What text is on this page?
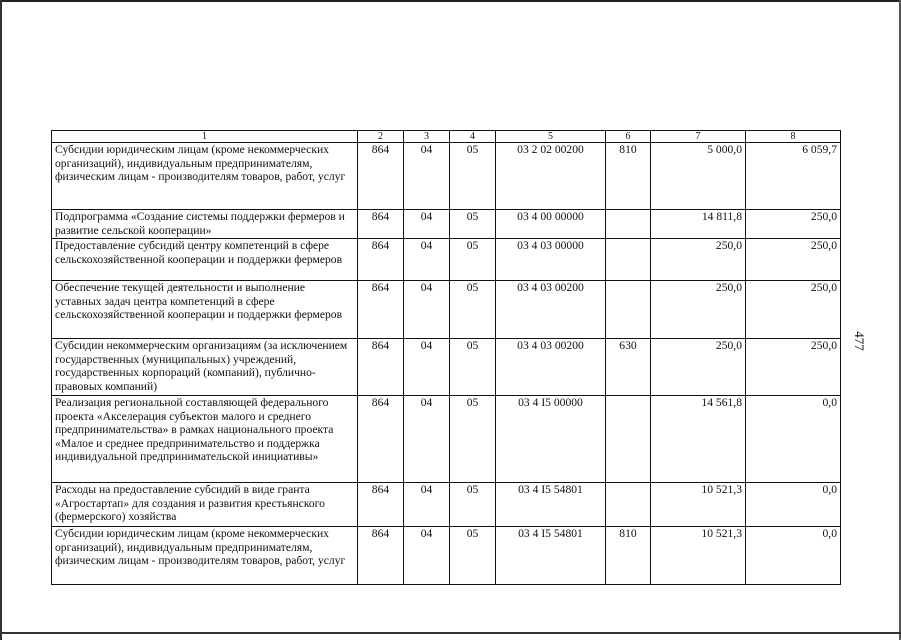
1	2	3	4	5	6	7	8
Субсидии юридическим лицам (кроме некоммерческих организаций), индивидуальным предпринимателям, физическим лицам - производителям товаров, работ, услуг	864	04	05	03 2 02 00200	810	5 000,0	6 059,7
Подпрограмма «Создание системы поддержки фермеров и развитие сельской кооперации»	864	04	05	03 4 00 00000		14 811,8	250,0
Предоставление субсидий центру компетенций в сфере сельскохозяйственной кооперации и поддержки фермеров	864	04	05	03 4 03 00000		250,0	250,0
Обеспечение текущей деятельности и выполнение уставных задач центра компетенций в сфере сельскохозяйственной кооперации и поддержки фермеров	864	04	05	03 4 03 00200		250,0	250,0
Субсидии некоммерческим организациям (за исключением государственных (муниципальных) учреждений, государственных корпораций (компаний), публично-правовых компаний)	864	04	05	03 4 03 00200	630	250,0	250,0
Реализация региональной составляющей федерального проекта «Акселерация субъектов малого и среднего предпринимательства» в рамках национального проекта «Малое и среднее предпринимательство и поддержка индивидуальной предпринимательской инициативы»	864	04	05	03 4 I5 00000		14 561,8	0,0
Расходы на предоставление субсидий в виде гранта «Агростартап» для создания и развития крестьянского (фермерского) хозяйства	864	04	05	03 4 I5 54801		10 521,3	0,0
Субсидии юридическим лицам (кроме некоммерческих организаций), индивидуальным предпринимателям, физическим лицам - производителям товаров, работ, услуг	864	04	05	03 4 I5 54801	810	10 521,3	0,0
477
